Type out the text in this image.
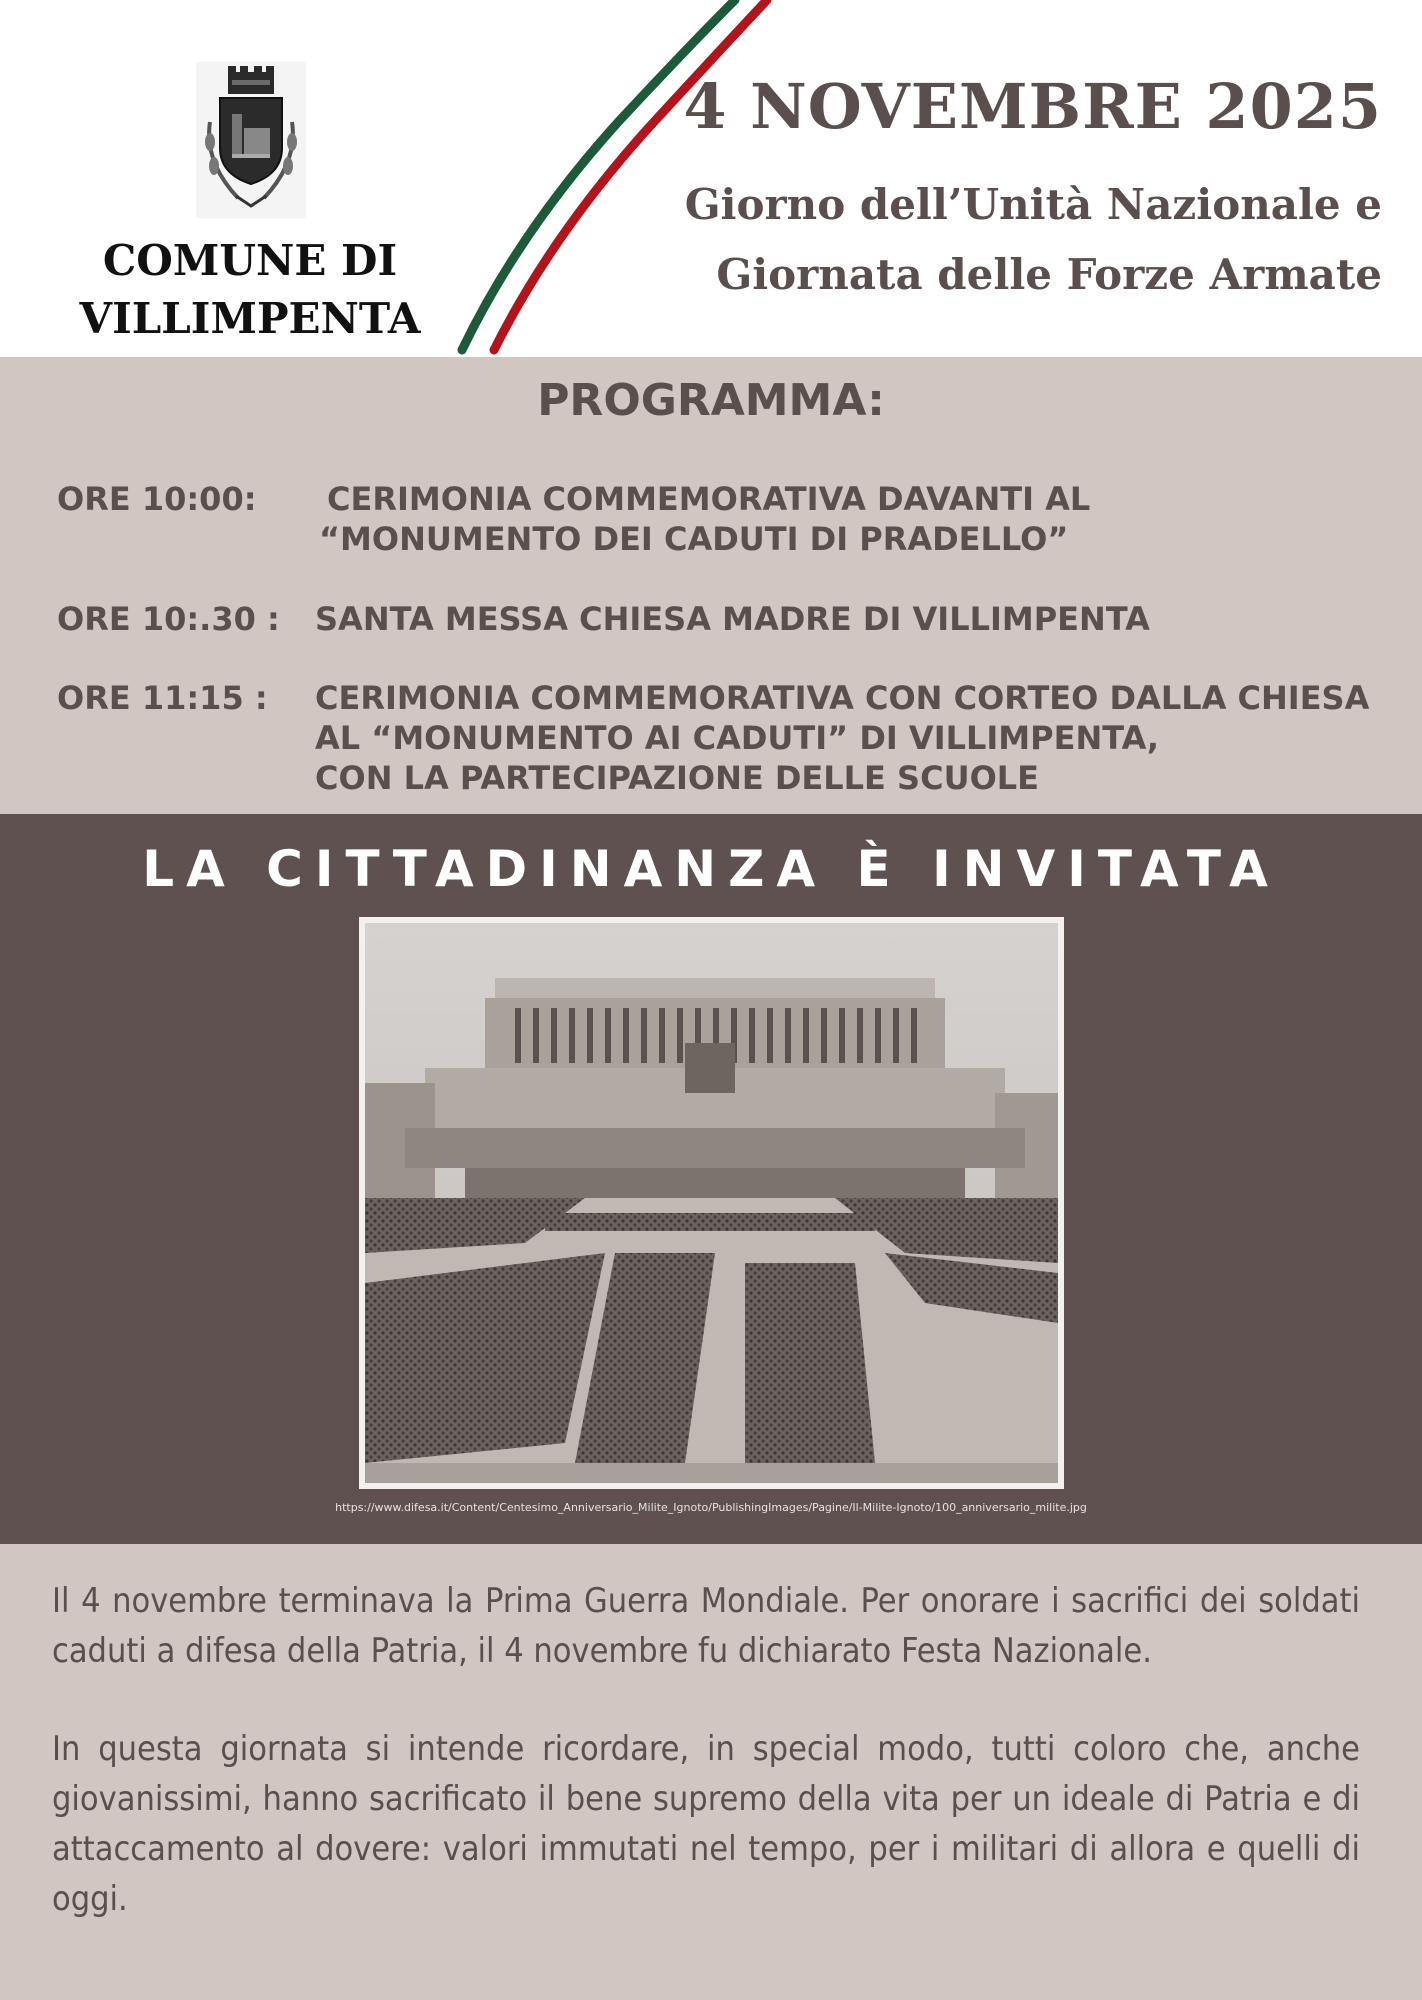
COMUNE DI
VILLIMPENTA
4 NOVEMBRE 2025
Giorno dell’Unità Nazionale e
Giornata delle Forze Armate
PROGRAMMA:
ORE 10:00: CERIMONIA COMMEMORATIVA DAVANTI AL
“MONUMENTO DEI CADUTI DI PRADELLO”
ORE 10:.30 : SANTA MESSA CHIESA MADRE DI VILLIMPENTA
ORE 11:15 : CERIMONIA COMMEMORATIVA CON CORTEO DALLA CHIESA
AL “MONUMENTO AI CADUTI” DI VILLIMPENTA,
CON LA PARTECIPAZIONE DELLE SCUOLE
LA CITTADINANZA È INVITATA
https://www.difesa.it/Content/Centesimo_Anniversario_Milite_Ignoto/PublishingImages/Pagine/Il-Milite-Ignoto/100_anniversario_milite.jpg

Il 4 novembre terminava la Prima Guerra Mondiale. Per onorare i sacrifici dei soldati caduti a difesa della Patria, il 4 novembre fu dichiarato Festa Nazionale.

In questa giornata si intende ricordare, in special modo, tutti coloro che, anche giovanissimi, hanno sacrificato il bene supremo della vita per un ideale di Patria e di attaccamento al dovere: valori immutati nel tempo, per i militari di allora e quelli di oggi.
